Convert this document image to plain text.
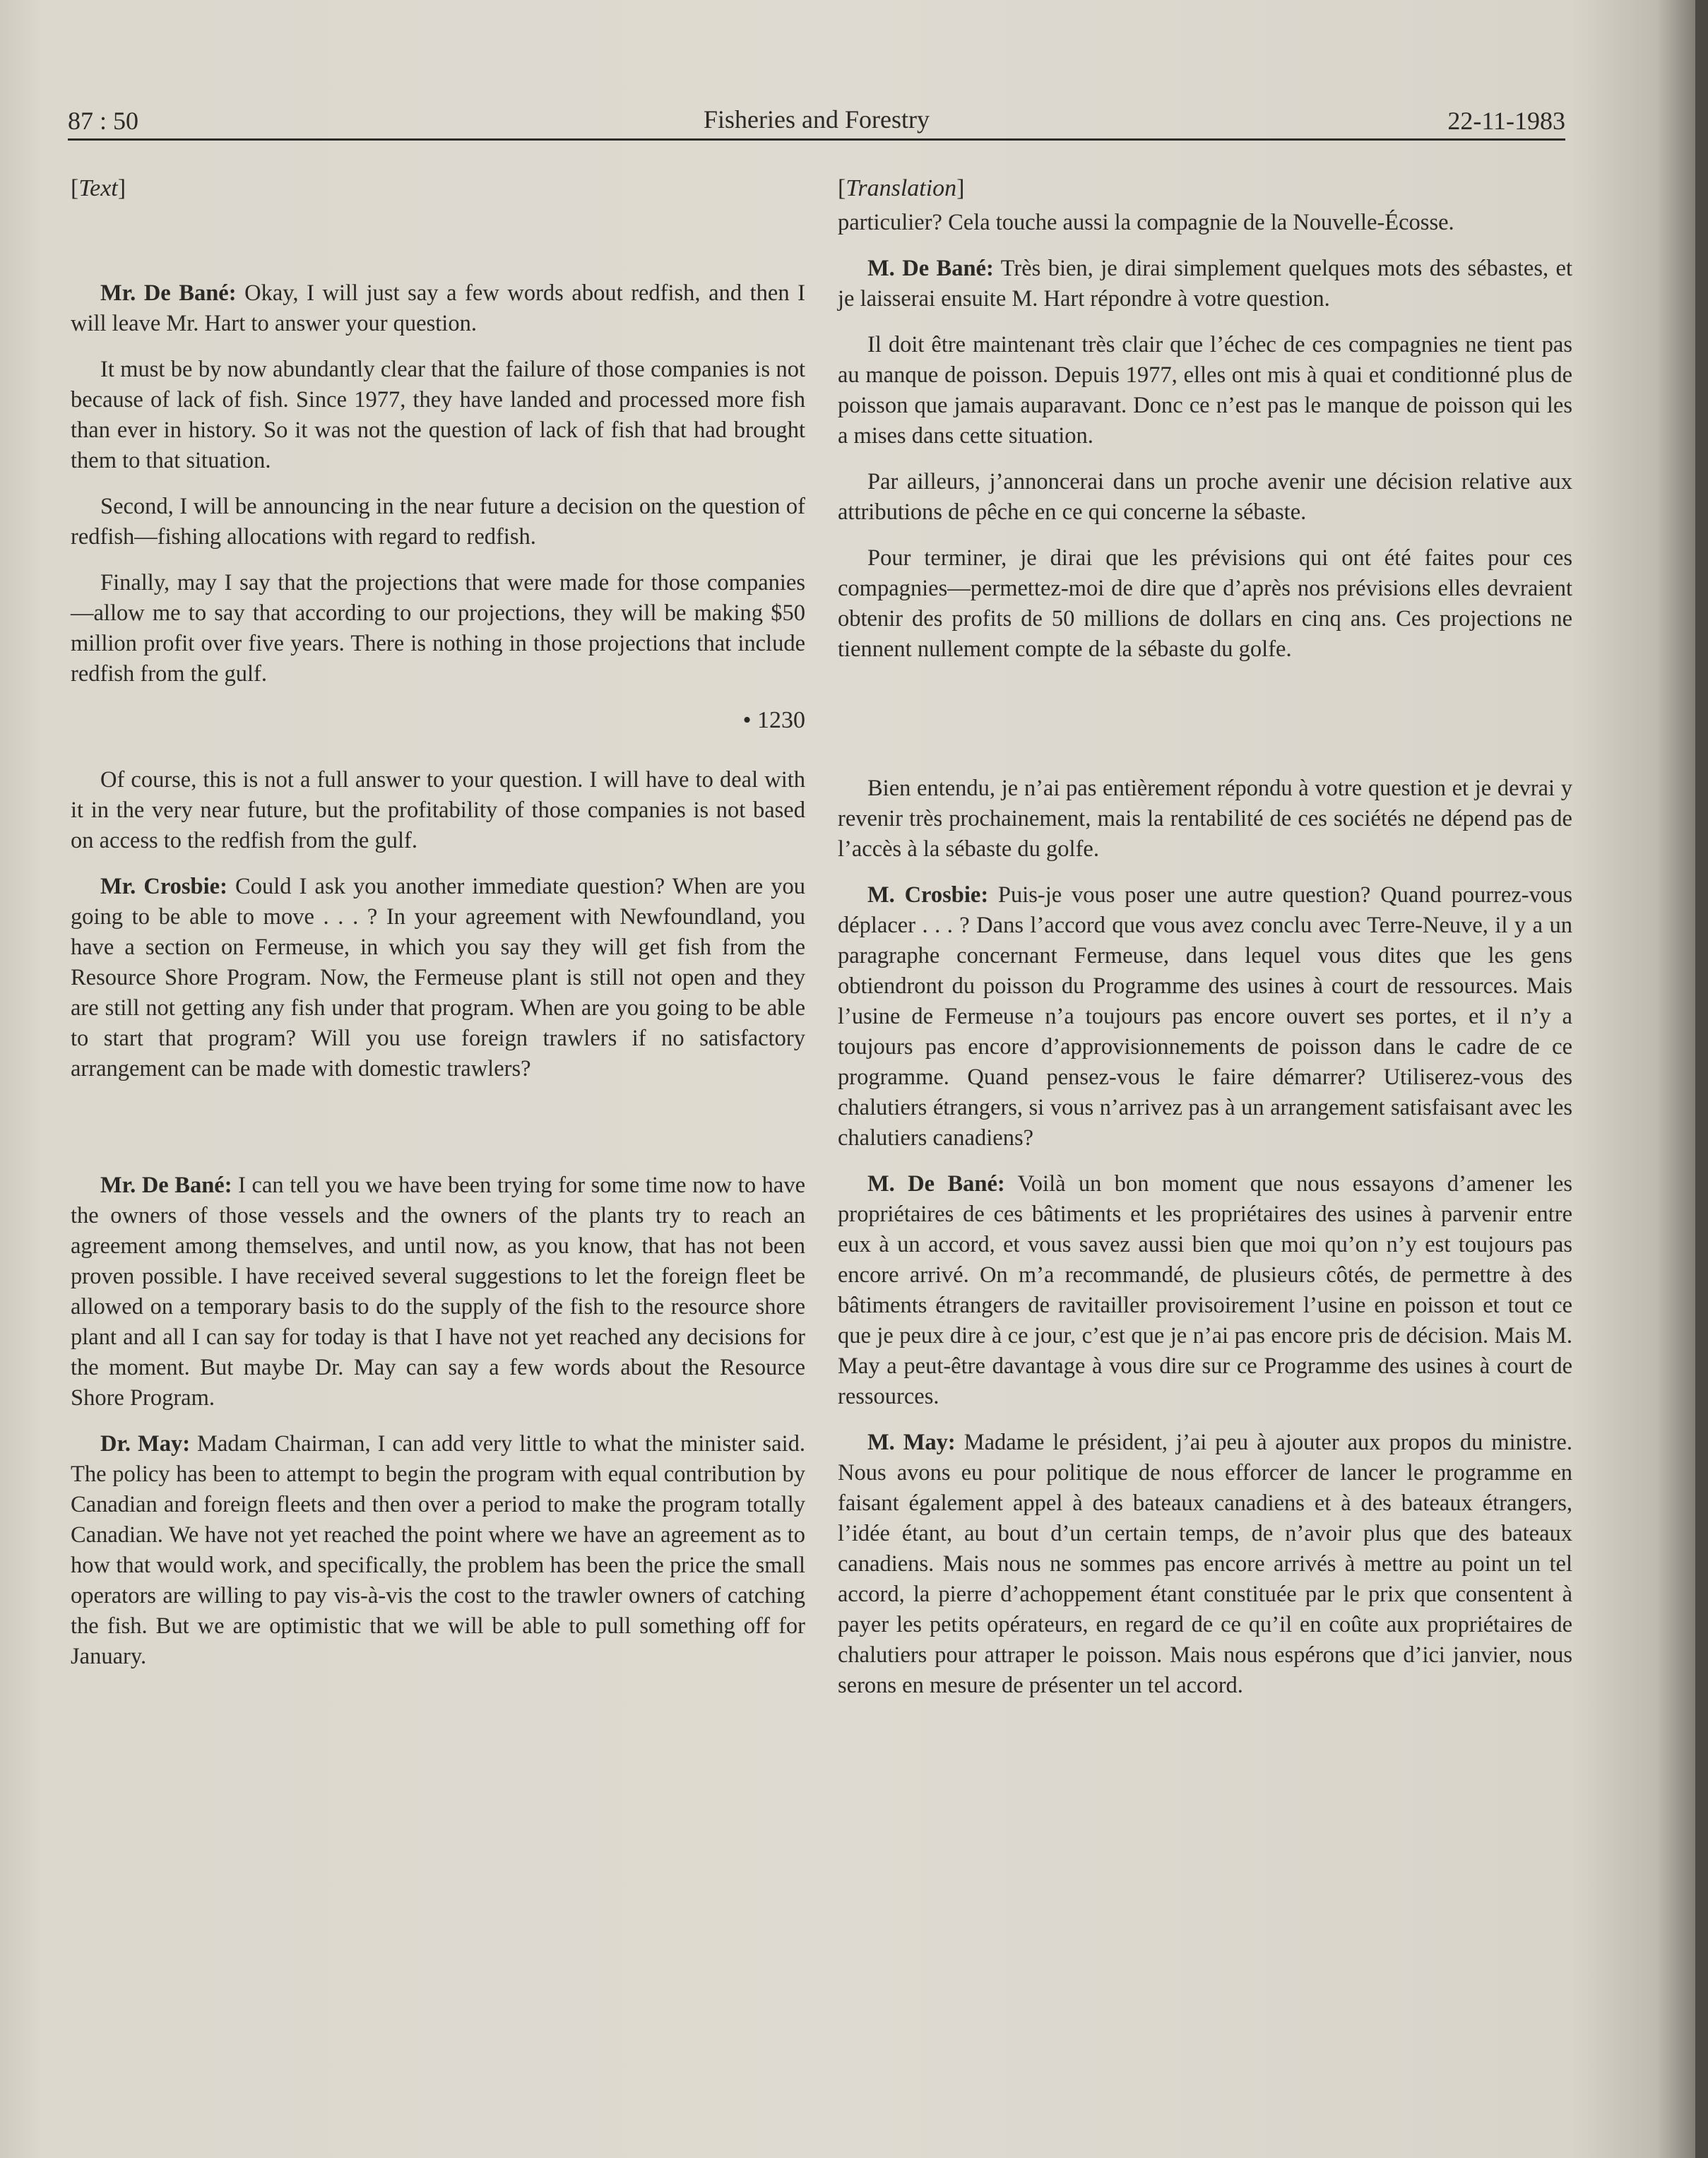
87 : 50	Fisheries and Forestry	22-11-1983
[Text]

Mr. De Bané: Okay, I will just say a few words about redfish, and then I will leave Mr. Hart to answer your question.

It must be by now abundantly clear that the failure of those companies is not because of lack of fish. Since 1977, they have landed and processed more fish than ever in history. So it was not the question of lack of fish that had brought them to that situation.

Second, I will be announcing in the near future a decision on the question of redfish—fishing allocations with regard to redfish.

Finally, may I say that the projections that were made for those companies—allow me to say that according to our projections, they will be making $50 million profit over five years. There is nothing in those projections that include redfish from the gulf.

• 1230

Of course, this is not a full answer to your question. I will have to deal with it in the very near future, but the profitability of those companies is not based on access to the redfish from the gulf.

Mr. Crosbie: Could I ask you another immediate question? When are you going to be able to move . . . ? In your agreement with Newfoundland, you have a section on Fermeuse, in which you say they will get fish from the Resource Shore Program. Now, the Fermeuse plant is still not open and they are still not getting any fish under that program. When are you going to be able to start that program? Will you use foreign trawlers if no satisfactory arrangement can be made with domestic trawlers?

Mr. De Bané: I can tell you we have been trying for some time now to have the owners of those vessels and the owners of the plants try to reach an agreement among themselves, and until now, as you know, that has not been proven possible. I have received several suggestions to let the foreign fleet be allowed on a temporary basis to do the supply of the fish to the resource shore plant and all I can say for today is that I have not yet reached any decisions for the moment. But maybe Dr. May can say a few words about the Resource Shore Program.

Dr. May: Madam Chairman, I can add very little to what the minister said. The policy has been to attempt to begin the program with equal contribution by Canadian and foreign fleets and then over a period to make the program totally Canadian. We have not yet reached the point where we have an agreement as to how that would work, and specifically, the problem has been the price the small operators are willing to pay vis-à-vis the cost to the trawler owners of catching the fish. But we are optimistic that we will be able to pull something off for January.

[Translation]

particulier? Cela touche aussi la compagnie de la Nouvelle-Écosse.

M. De Bané: Très bien, je dirai simplement quelques mots des sébastes, et je laisserai ensuite M. Hart répondre à votre question.

Il doit être maintenant très clair que l’échec de ces compagnies ne tient pas au manque de poisson. Depuis 1977, elles ont mis à quai et conditionné plus de poisson que jamais auparavant. Donc ce n’est pas le manque de poisson qui les a mises dans cette situation.

Par ailleurs, j’annoncerai dans un proche avenir une décision relative aux attributions de pêche en ce qui concerne la sébaste.

Pour terminer, je dirai que les prévisions qui ont été faites pour ces compagnies—permettez-moi de dire que d’après nos prévisions elles devraient obtenir des profits de 50 millions de dollars en cinq ans. Ces projections ne tiennent nullement compte de la sébaste du golfe.

Bien entendu, je n’ai pas entièrement répondu à votre question et je devrai y revenir très prochainement, mais la rentabilité de ces sociétés ne dépend pas de l’accès à la sébaste du golfe.

M. Crosbie: Puis-je vous poser une autre question? Quand pourrez-vous déplacer . . . ? Dans l’accord que vous avez conclu avec Terre-Neuve, il y a un paragraphe concernant Fermeuse, dans lequel vous dites que les gens obtiendront du poisson du Programme des usines à court de ressources. Mais l’usine de Fermeuse n’a toujours pas encore ouvert ses portes, et il n’y a toujours pas encore d’approvisionnements de poisson dans le cadre de ce programme. Quand pensez-vous le faire démarrer? Utiliserez-vous des chalutiers étrangers, si vous n’arrivez pas à un arrangement satisfaisant avec les chalutiers canadiens?

M. De Bané: Voilà un bon moment que nous essayons d’amener les propriétaires de ces bâtiments et les propriétaires des usines à parvenir entre eux à un accord, et vous savez aussi bien que moi qu’on n’y est toujours pas encore arrivé. On m’a recommandé, de plusieurs côtés, de permettre à des bâtiments étrangers de ravitailler provisoirement l’usine en poisson et tout ce que je peux dire à ce jour, c’est que je n’ai pas encore pris de décision. Mais M. May a peut-être davantage à vous dire sur ce Programme des usines à court de ressources.

M. May: Madame le président, j’ai peu à ajouter aux propos du ministre. Nous avons eu pour politique de nous efforcer de lancer le programme en faisant également appel à des bateaux canadiens et à des bateaux étrangers, l’idée étant, au bout d’un certain temps, de n’avoir plus que des bateaux canadiens. Mais nous ne sommes pas encore arrivés à mettre au point un tel accord, la pierre d’achoppement étant constituée par le prix que consentent à payer les petits opérateurs, en regard de ce qu’il en coûte aux propriétaires de chalutiers pour attraper le poisson. Mais nous espérons que d’ici janvier, nous serons en mesure de présenter un tel accord.
